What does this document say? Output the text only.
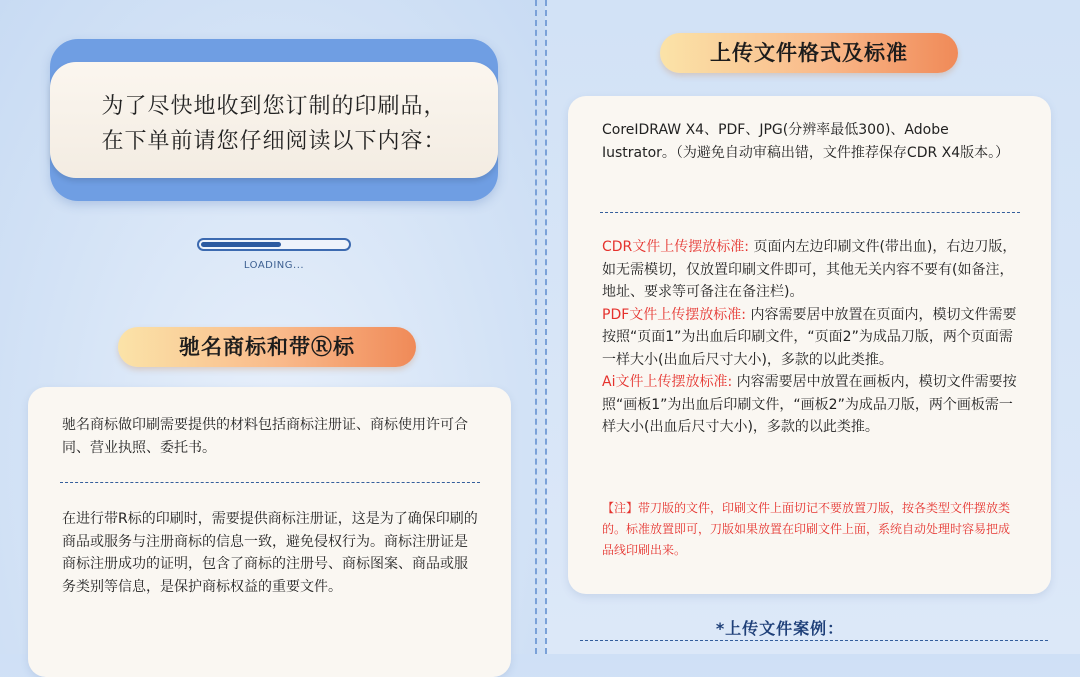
为了尽快地收到您订制的印刷品，
在下单前请您仔细阅读以下内容：
LOADING...
驰名商标和带Ⓡ标
驰名商标做印刷需要提供的材料包括商标注册证、商标使用许可合同、营业执照、委托书。
在进行带R标的印刷时，需要提供商标注册证，这是为了确保印刷的商品或服务与注册商标的信息一致，避免侵权行为。商标注册证是商标注册成功的证明，包含了商标的注册号、商标图案、商品或服务类别等信息，是保护商标权益的重要文件。
上传文件格式及标准
CoreIDRAW X4、PDF、JPG(分辨率最低300)、Adobe Iustrator。（为避免自动审稿出错，文件推荐保存CDR X4版本。）
CDR文件上传摆放标准: 页面内左边印刷文件(带出血)，右边刀版，如无需模切，仅放置印刷文件即可，其他无关内容不要有(如备注，地址、要求等可备注在备注栏)。
PDF文件上传摆放标准: 内容需要居中放置在页面内，模切文件需要按照“页面1”为出血后印刷文件，“页面2”为成品刀版，两个页面需一样大小(出血后尺寸大小)，多款的以此类推。
Ai文件上传摆放标准: 内容需要居中放置在画板内，模切文件需要按照“画板1”为出血后印刷文件，“画板2”为成品刀版，两个画板需一样大小(出血后尺寸大小)，多款的以此类推。
【注】带刀版的文件，印刷文件上面切记不要放置刀版，按各类型文件摆放类的。标准放置即可，刀版如果放置在印刷文件上面，系统自动处理时容易把成品线印刷出来。
*上传文件案例：
